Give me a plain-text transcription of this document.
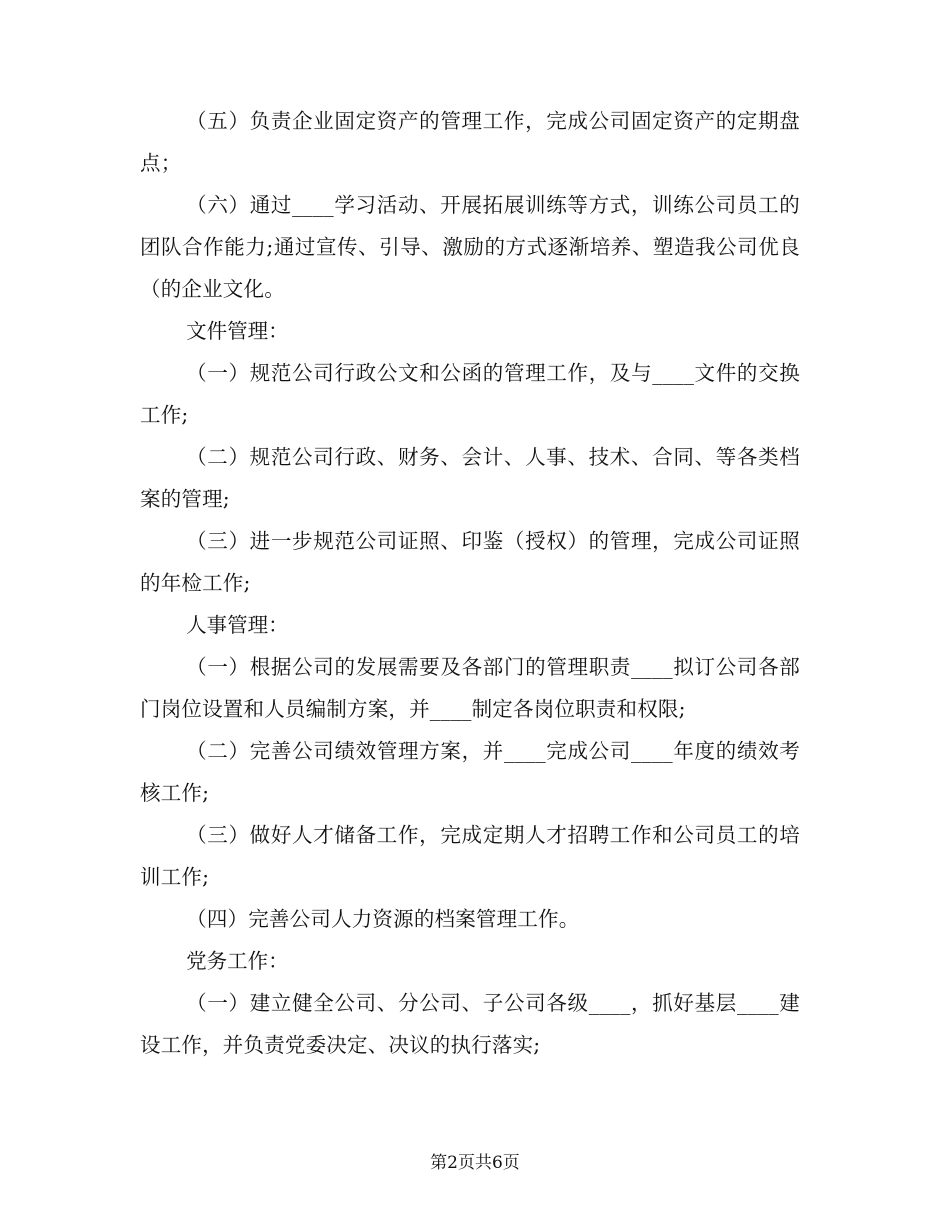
（五）负责企业固定资产的管理工作，完成公司固定资产的定期盘点；

（六）通过____学习活动、开展拓展训练等方式，训练公司员工的团队合作能力;通过宣传、引导、激励的方式逐渐培养、塑造我公司优良（的企业文化。

文件管理：

（一）规范公司行政公文和公函的管理工作，及与____文件的交换工作;

（二）规范公司行政、财务、会计、人事、技术、合同、等各类档案的管理;

（三）进一步规范公司证照、印鉴（授权）的管理，完成公司证照的年检工作;

人事管理：

（一）根据公司的发展需要及各部门的管理职责____拟订公司各部门岗位设置和人员编制方案，并____制定各岗位职责和权限;

（二）完善公司绩效管理方案，并____完成公司____年度的绩效考核工作;

（三）做好人才储备工作，完成定期人才招聘工作和公司员工的培训工作;

（四）完善公司人力资源的档案管理工作。

党务工作：

（一）建立健全公司、分公司、子公司各级____，抓好基层____建设工作，并负责党委决定、决议的执行落实;

第2页共6页
